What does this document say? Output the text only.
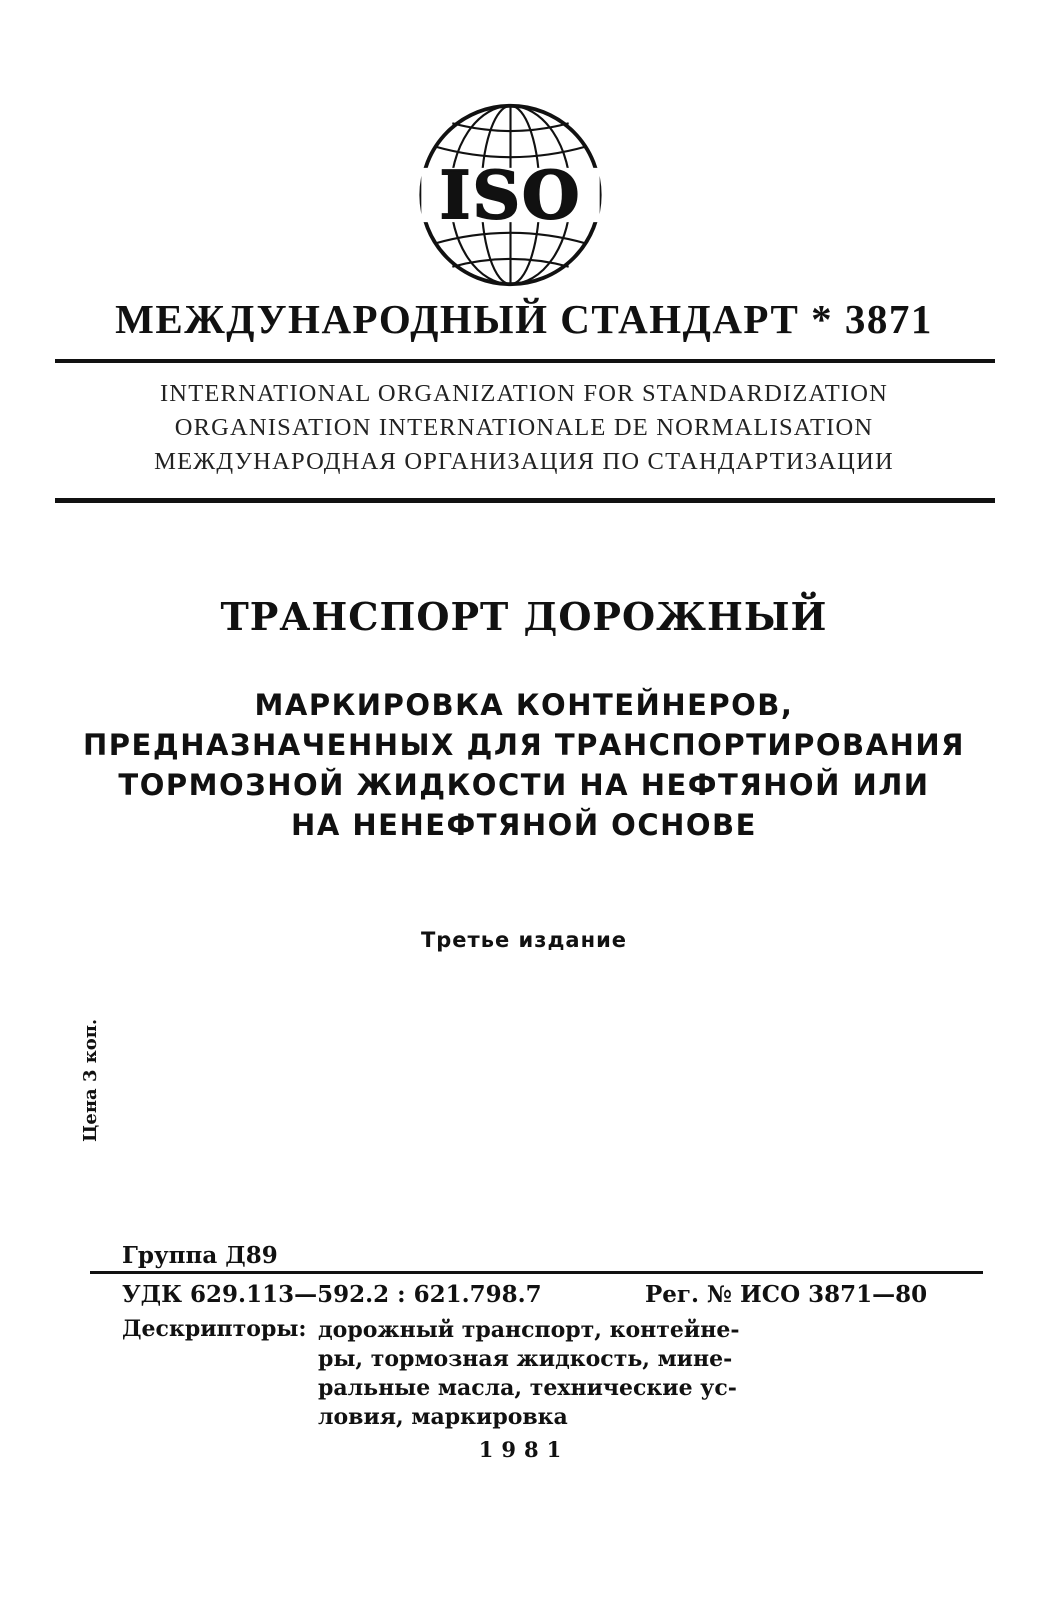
ISO
МЕЖДУНАРОДНЫЙ СТАНДАРТ * 3871
INTERNATIONAL ORGANIZATION FOR STANDARDIZATION
ORGANISATION INTERNATIONALE DE NORMALISATION
МЕЖДУНАРОДНАЯ ОРГАНИЗАЦИЯ ПО СТАНДАРТИЗАЦИИ
ТРАНСПОРТ ДОРОЖНЫЙ
МАРКИРОВКА КОНТЕЙНЕРОВ,
ПРЕДНАЗНАЧЕННЫХ ДЛЯ ТРАНСПОРТИРОВАНИЯ
ТОРМОЗНОЙ ЖИДКОСТИ НА НЕФТЯНОЙ ИЛИ
НА НЕНЕФТЯНОЙ ОСНОВЕ
Третье издание
Цена 3 коп.
Группа Д89
УДК 629.113—592.2 : 621.798.7	Рег. № ИСО 3871—80
Дескрипторы: дорожный транспорт, контейне-
ры, тормозная жидкость, мине-
ральные масла, технические ус-
ловия, маркировка
1981
